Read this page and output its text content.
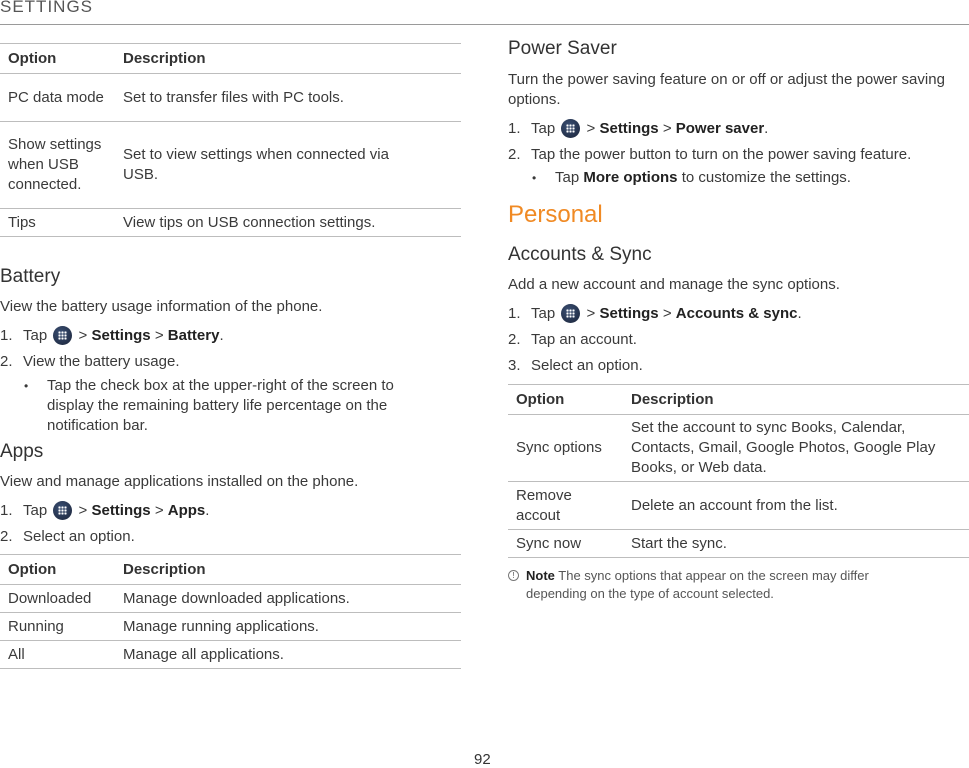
SETTINGS
Option	Description
PC data mode	Set to transfer files with PC tools.
Show settings when USB connected.	Set to view settings when connected via USB.
Tips	View tips on USB connection settings.
Battery
View the battery usage information of the phone.
1. Tap > Settings > Battery.
2. View the battery usage.
• Tap the check box at the upper-right of the screen to display the remaining battery life percentage on the notification bar.
Apps
View and manage applications installed on the phone.
1. Tap > Settings > Apps.
2. Select an option.
Option	Description
Downloaded	Manage downloaded applications.
Running	Manage running applications.
All	Manage all applications.
Power Saver
Turn the power saving feature on or off or adjust the power saving options.
1. Tap > Settings > Power saver.
2. Tap the power button to turn on the power saving feature.
• Tap More options to customize the settings.
Personal
Accounts & Sync
Add a new account and manage the sync options.
1. Tap > Settings > Accounts & sync.
2. Tap an account.
3. Select an option.
Option	Description
Sync options	Set the account to sync Books, Calendar, Contacts, Gmail, Google Photos, Google Play Books, or Web data.
Remove accout	Delete an account from the list.
Sync now	Start the sync.
! Note The sync options that appear on the screen may differ depending on the type of account selected.
92
